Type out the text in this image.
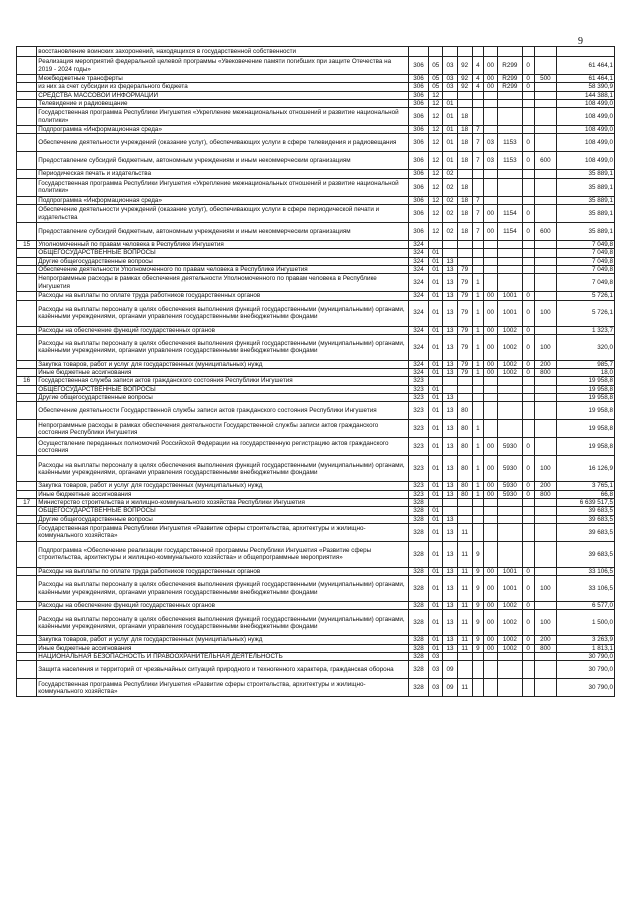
9
	восстановление воинских захоронений, находящихся в государственной собственности										
	Реализация мероприятий федеральной целевой программы «Увековечение памяти погибших при защите Отечества на 2019 - 2024 годы»	306	05	03	92	4	00	R299	0		61 464,1
	Межбюджетные трансферты	306	05	03	92	4	00	R299	0	500	61 464,1
	из них за счет субсидии из федерального бюджета	306	05	03	92	4	00	R299	0		58 390,9
	СРЕДСТВА МАССОВОЙ ИНФОРМАЦИИ	306	12								144 388,1
	Телевидение и радиовещание	306	12	01							108 499,0
	Государственная программа Республики Ингушетия «Укрепление межнациональных отношений и развитие национальной политики»	306	12	01	18						108 499,0
	Подпрограмма «Информационная среда»	306	12	01	18	7					108 499,0
	Обеспечение деятельности учреждений (оказание услуг), обеспечивающих услуги в сфере телевидения и радиовещания	306	12	01	18	7	03	1153	0		108 499,0
	Предоставление субсидий бюджетным, автономным учреждениям и иным некоммерческим организациям	306	12	01	18	7	03	1153	0	600	108 499,0
	Периодическая печать и издательства	306	12	02							35 889,1
	Государственная программа Республики Ингушетия «Укрепление межнациональных отношений и развитие национальной политики»	306	12	02	18						35 889,1
	Подпрограмма «Информационная среда»	306	12	02	18	7					35 889,1
	Обеспечение деятельности учреждений (оказание услуг), обеспечивающих услуги в сфере периодической печати и издательства	306	12	02	18	7	00	1154	0		35 889,1
	Предоставление субсидий бюджетным, автономным учреждениям и иным некоммерческим организациям	306	12	02	18	7	00	1154	0	600	35 889,1
15	Уполномоченный по правам человека в Республике Ингушетия	324									7 049,8
	ОБЩЕГОСУДАРСТВЕННЫЕ ВОПРОСЫ	324	01								7 049,8
	Другие общегосударственные вопросы	324	01	13							7 049,8
	Обеспечение деятельности Уполномоченного по правам человека в Республике Ингушетия	324	01	13	79						7 049,8
	Непрограммные расходы в рамках обеспечения деятельности Уполномоченного по правам человека в Республике Ингушетия	324	01	13	79	1					7 049,8
	Расходы на выплаты по оплате труда работников государственных органов	324	01	13	79	1	00	1001	0		5 726,1
	Расходы на выплаты персоналу в целях обеспечения выполнения функций государственными (муниципальными) органами, казёнными учреждениями, органами управления государственными внебюджетными фондами	324	01	13	79	1	00	1001	0	100	5 726,1
	Расходы на обеспечение функций государственных органов	324	01	13	79	1	00	1002	0		1 323,7
	Расходы на выплаты персоналу в целях обеспечения выполнения функций государственными (муниципальными) органами, казёнными учреждениями, органами управления государственными внебюджетными фондами	324	01	13	79	1	00	1002	0	100	320,0
	Закупка товаров, работ и услуг для государственных (муниципальных) нужд	324	01	13	79	1	00	1002	0	200	985,7
	Иные бюджетные ассигнования	324	01	13	79	1	00	1002	0	800	18,0
16	Государственная служба записи актов гражданского состояния Республики Ингушетия	323									19 958,8
	ОБЩЕГОСУДАРСТВЕННЫЕ ВОПРОСЫ	323	01								19 958,8
	Другие общегосударственные вопросы	323	01	13							19 958,8
	Обеспечение деятельности Государственной службы записи актов гражданского состояния Республики Ингушетия	323	01	13	80						19 958,8
	Непрограммные расходы в рамках обеспечения деятельности Государственной службы записи актов гражданского состояния Республики Ингушетия	323	01	13	80	1					19 958,8
	Осуществление переданных полномочий Российской Федерации на государственную регистрацию актов гражданского состояния	323	01	13	80	1	00	5930	0		19 958,8
	Расходы на выплаты персоналу в целях обеспечения выполнения функций государственными (муниципальными) органами, казёнными учреждениями, органами управления государственными внебюджетными фондами	323	01	13	80	1	00	5930	0	100	16 126,9
	Закупка товаров, работ и услуг для государственных (муниципальных) нужд	323	01	13	80	1	00	5930	0	200	3 765,1
	Иные бюджетные ассигнования	323	01	13	80	1	00	5930	0	800	66,8
17	Министерство строительства и жилищно-коммунального хозяйства Республики Ингушетия	328									6 639 517,5
	ОБЩЕГОСУДАРСТВЕННЫЕ ВОПРОСЫ	328	01								39 683,5
	Другие общегосударственные вопросы	328	01	13							39 683,5
	Государственная программа Республики Ингушетия «Развитие сферы строительства, архитектуры и жилищно-коммунального хозяйства»	328	01	13	11						39 683,5
	Подпрограмма «Обеспечение реализации государственной программы Республики Ингушетия «Развитие сферы строительства, архитектуры и жилищно-коммунального хозяйства» и общепрограммные мероприятия»	328	01	13	11	9					39 683,5
	Расходы на выплаты по оплате труда работников государственных органов	328	01	13	11	9	00	1001	0		33 106,5
	Расходы на выплаты персоналу в целях обеспечения выполнения функций государственными (муниципальными) органами, казёнными учреждениями, органами управления государственными внебюджетными фондами	328	01	13	11	9	00	1001	0	100	33 106,5
	Расходы на обеспечение функций государственных органов	328	01	13	11	9	00	1002	0		6 577,0
	Расходы на выплаты персоналу в целях обеспечения выполнения функций государственными (муниципальными) органами, казёнными учреждениями, органами управления государственными внебюджетными фондами	328	01	13	11	9	00	1002	0	100	1 500,0
	Закупка товаров, работ и услуг для государственных (муниципальных) нужд	328	01	13	11	9	00	1002	0	200	3 263,9
	Иные бюджетные ассигнования	328	01	13	11	9	00	1002	0	800	1 813,1
	НАЦИОНАЛЬНАЯ БЕЗОПАСНОСТЬ И ПРАВООХРАНИТЕЛЬНАЯ ДЕЯТЕЛЬНОСТЬ	328	03								30 790,0
	Защита населения и территорий от чрезвычайных ситуаций природного и техногенного характера, гражданская оборона	328	03	09							30 790,0
	Государственная программа Республики Ингушетия «Развитие сферы строительства, архитектуры и жилищно-коммунального хозяйства»	328	03	09	11						30 790,0
